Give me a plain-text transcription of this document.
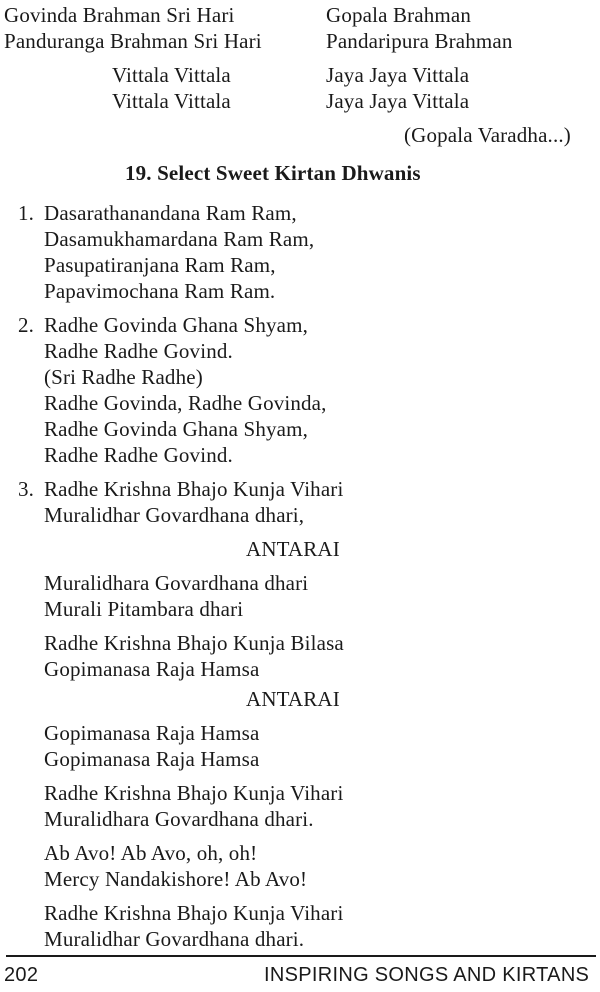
Govinda Brahman Sri Hari
Panduranga Brahman Sri Hari
Gopala Brahman
Pandaripura Brahman
Vittala Vittala
Vittala Vittala
Jaya Jaya Vittala
Jaya Jaya Vittala
(Gopala Varadha...)
19. Select Sweet Kirtan Dhwanis
1. Dasarathanandana Ram Ram,
Dasamukhamardana Ram Ram,
Pasupatiranjana Ram Ram,
Papavimochana Ram Ram.
2. Radhe Govinda Ghana Shyam,
Radhe Radhe Govind.
(Sri Radhe Radhe)
Radhe Govinda, Radhe Govinda,
Radhe Govinda Ghana Shyam,
Radhe Radhe Govind.
3. Radhe Krishna Bhajo Kunja Vihari
Muralidhar Govardhana dhari,
ANTARAI
Muralidhara Govardhana dhari
Murali Pitambara dhari
Radhe Krishna Bhajo Kunja Bilasa
Gopimanasa Raja Hamsa
ANTARAI
Gopimanasa Raja Hamsa
Gopimanasa Raja Hamsa
Radhe Krishna Bhajo Kunja Vihari
Muralidhara Govardhana dhari.
Ab Avo! Ab Avo, oh, oh!
Mercy Nandakishore! Ab Avo!
Radhe Krishna Bhajo Kunja Vihari
Muralidhar Govardhana dhari.
202	INSPIRING SONGS AND KIRTANS
